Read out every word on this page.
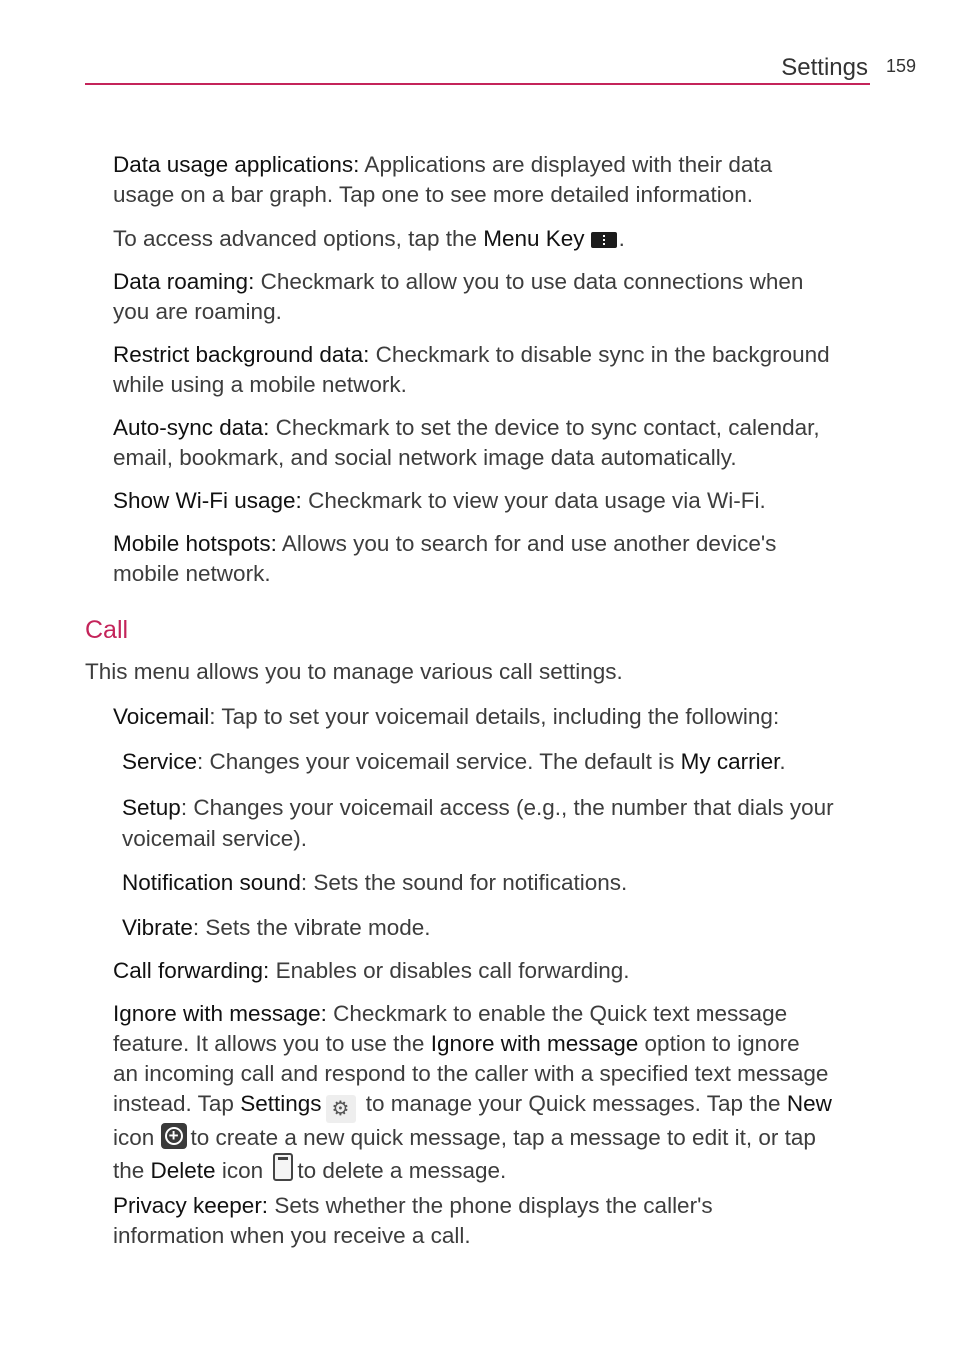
Settings 159

Data usage applications: Applications are displayed with their data
usage on a bar graph. Tap one to see more detailed information.

To access advanced options, tap the Menu Key .

Data roaming: Checkmark to allow you to use data connections when
you are roaming.

Restrict background data: Checkmark to disable sync in the background
while using a mobile network.

Auto-sync data: Checkmark to set the device to sync contact, calendar,
email, bookmark, and social network image data automatically.

Show Wi-Fi usage: Checkmark to view your data usage via Wi-Fi.

Mobile hotspots: Allows you to search for and use another device's
mobile network.

Call

This menu allows you to manage various call settings.

Voicemail: Tap to set your voicemail details, including the following:

Service: Changes your voicemail service. The default is My carrier.

Setup: Changes your voicemail access (e.g., the number that dials your
voicemail service).

Notification sound: Sets the sound for notifications.

Vibrate: Sets the vibrate mode.

Call forwarding: Enables or disables call forwarding.

Ignore with message: Checkmark to enable the Quick text message
feature. It allows you to use the Ignore with message option to ignore
an incoming call and respond to the caller with a specified text message
instead. Tap Settings ⚙ to manage your Quick messages. Tap the New
icon +to create a new quick message, tap a message to edit it, or tap
the Delete icon to delete a message.

Privacy keeper: Sets whether the phone displays the caller's
information when you receive a call.
